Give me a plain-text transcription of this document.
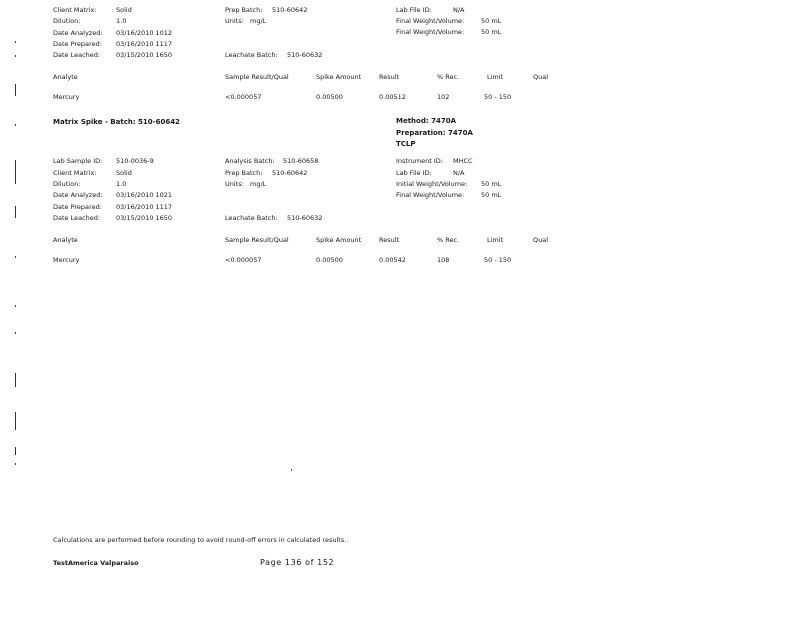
Client Matrix:	Solid
Dilution:	1.0
Date Analyzed: 03/16/2010 1012
Date Prepared: 03/16/2010 1117
Date Leached: 03/15/2010 1650
Prep Batch: 510-60642
Units: mg/L
Leachate Batch: 510-60632
Lab File ID:	N/A
Final Weight/Volume:	50 mL
Final Weight/Volume:	50 mL
Analyte	Sample Result/Qual	Spike Amount	Result	% Rec.	Limit	Qual
Mercury	<0.000057	0.00500	0.00512	102	50 - 150
Matrix Spike - Batch: 510-60642	Method: 7470A
Preparation: 7470A
TCLP
Lab Sample ID: 510-0036-9
Client Matrix:	Solid
Dilution:	1.0
Date Analyzed: 03/16/2010 1021
Date Prepared: 03/16/2010 1117
Date Leached: 03/15/2010 1650
Analysis Batch: 510-60658
Prep Batch: 510-60642
Units: mg/L
Leachate Batch: 510-60632
Instrument ID: MHCC
Lab File ID:	N/A
Initial Weight/Volume: 50 mL
Final Weight/Volume:	50 mL
Analyte	Sample Result/Qual	Spike Amount	Result	% Rec.	Limit	Qual
Mercury	<0.000057	0.00500	0.00542	108	50 - 150
Calculations are performed before rounding to avoid round-off errors in calculated results.
TestAmerica Valparaiso	Page 136 of 152
